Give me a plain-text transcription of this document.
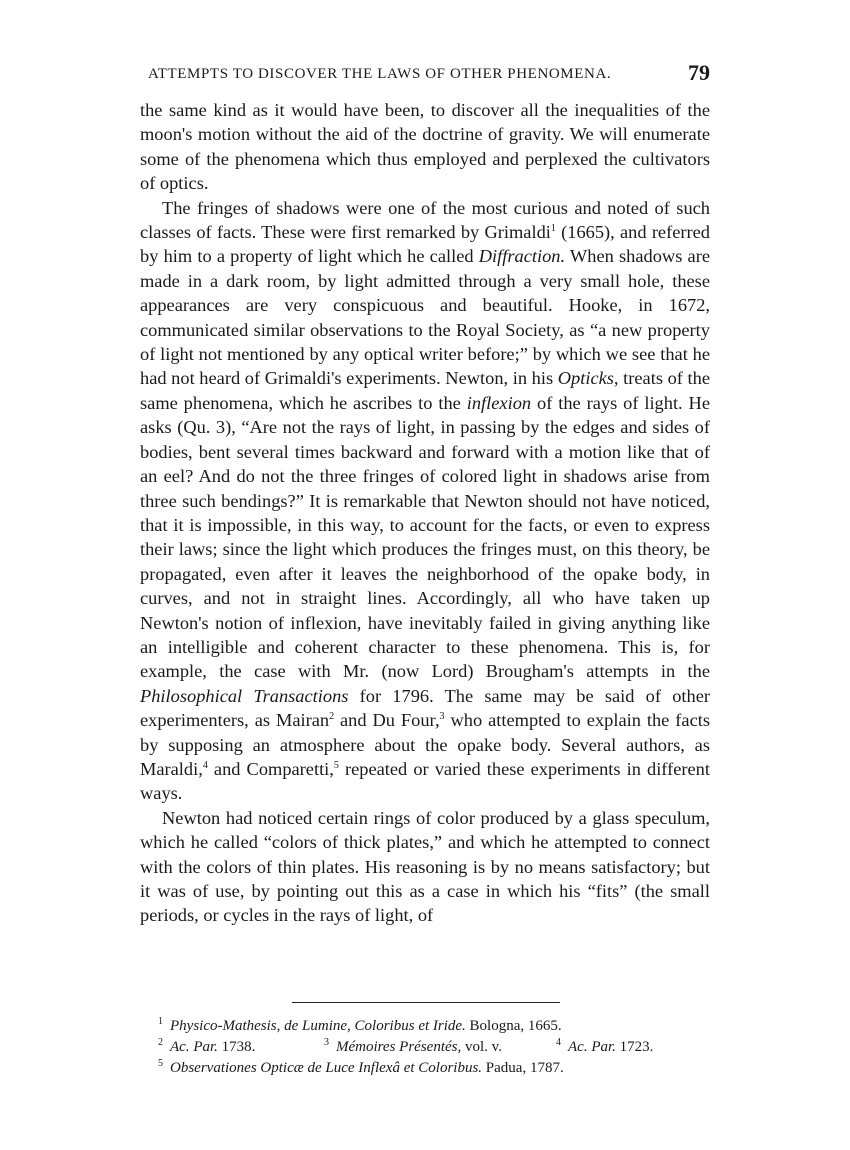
ATTEMPTS TO DISCOVER THE LAWS OF OTHER PHENOMENA.	79

the same kind as it would have been, to discover all the inequalities of the moon's motion without the aid of the doctrine of gravity. We will enumerate some of the phenomena which thus employed and perplexed the cultivators of optics.

The fringes of shadows were one of the most curious and noted of such classes of facts. These were first remarked by Grimaldi$^1$ (1665), and referred by him to a property of light which he called Diffraction. When shadows are made in a dark room, by light admitted through a very small hole, these appearances are very conspicuous and beautiful. Hooke, in 1672, communicated similar observations to the Royal Society, as “a new property of light not mentioned by any optical writer before;” by which we see that he had not heard of Grimaldi's experiments. Newton, in his Opticks, treats of the same phenomena, which he ascribes to the inflexion of the rays of light. He asks (Qu. 3), “Are not the rays of light, in passing by the edges and sides of bodies, bent several times backward and forward with a motion like that of an eel? And do not the three fringes of colored light in shadows arise from three such bendings?” It is remarkable that Newton should not have noticed, that it is impossible, in this way, to account for the facts, or even to express their laws; since the light which produces the fringes must, on this theory, be propagated, even after it leaves the neighborhood of the opake body, in curves, and not in straight lines. Accordingly, all who have taken up Newton's notion of inflexion, have inevitably failed in giving anything like an intelligible and coherent character to these phenomena. This is, for example, the case with Mr. (now Lord) Brougham's attempts in the Philosophical Transactions for 1796. The same may be said of other experimenters, as Mairan$^2$ and Du Four,$^3$ who attempted to explain the facts by supposing an atmosphere about the opake body. Several authors, as Maraldi,$^4$ and Comparetti,$^5$ repeated or varied these experiments in different ways.

Newton had noticed certain rings of color produced by a glass speculum, which he called “colors of thick plates,” and which he attempted to connect with the colors of thin plates. His reasoning is by no means satisfactory; but it was of use, by pointing out this as a case in which his “fits” (the small periods, or cycles in the rays of light, of

$^1$ Physico-Mathesis, de Lumine, Coloribus et Iride. Bologna, 1665.
$^2$ Ac. Par. 1738.	$^3$ Mémoires Présentés, vol. v.	$^4$ Ac. Par. 1723.
$^5$ Observationes Opticæ de Luce Inflexâ et Coloribus. Padua, 1787.
